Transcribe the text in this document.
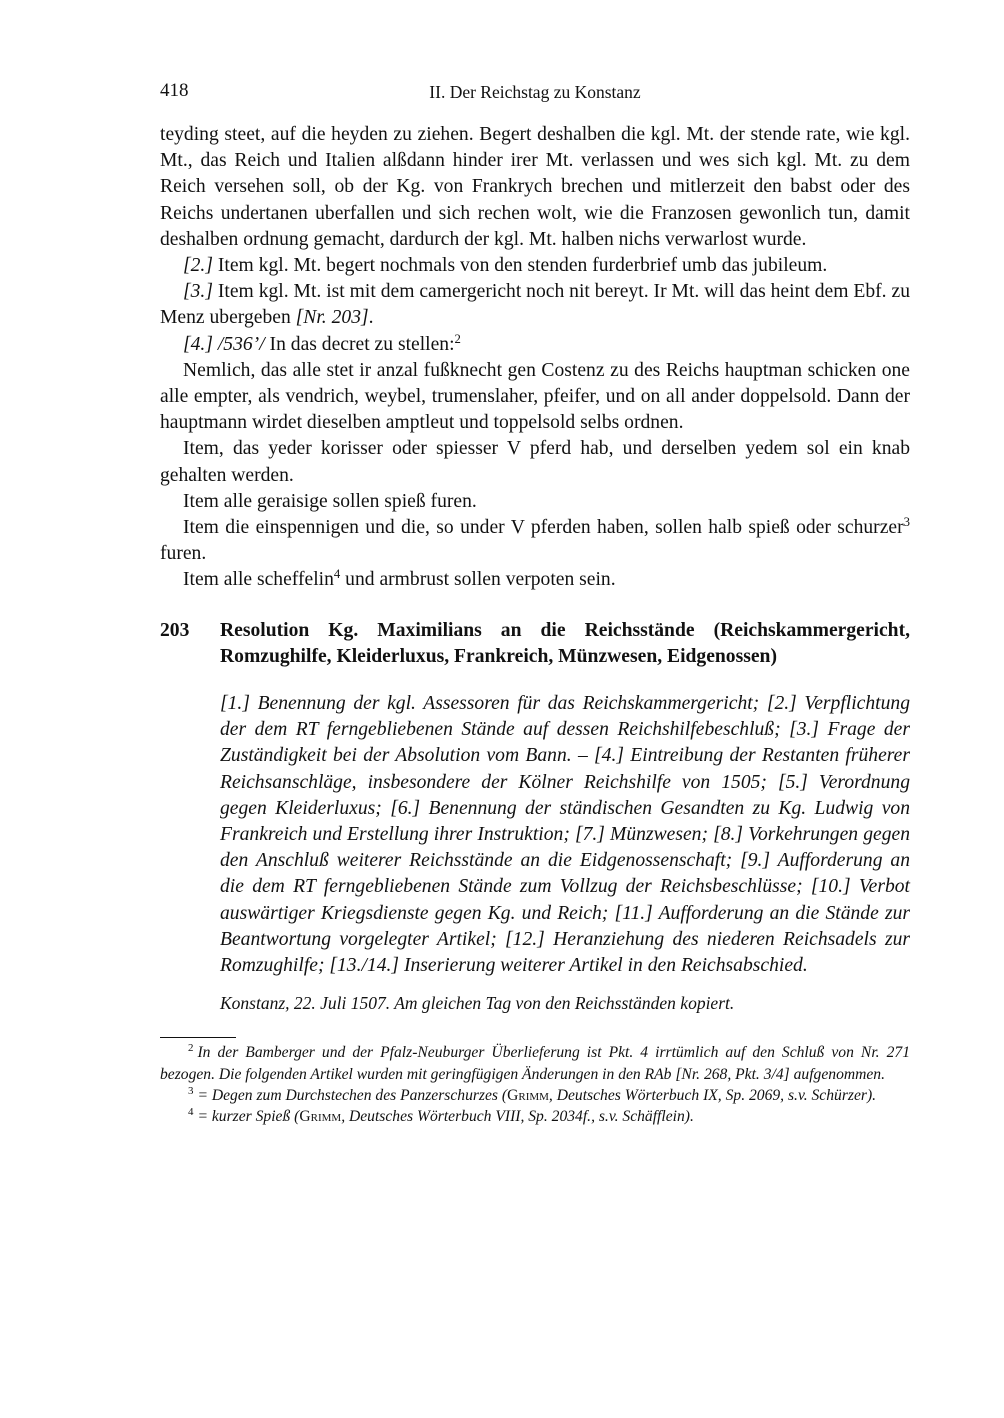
418	II. Der Reichstag zu Konstanz

teyding steet, auf die heyden zu ziehen. Begert deshalben die kgl. Mt. der stende rate, wie kgl. Mt., das Reich und Italien alßdann hinder irer Mt. verlassen und wes sich kgl. Mt. zu dem Reich versehen soll, ob der Kg. von Frankrych brechen und mitlerzeit den babst oder des Reichs undertanen uberfallen und sich rechen wolt, wie die Franzosen gewonlich tun, damit deshalben ordnung gemacht, dardurch der kgl. Mt. halben nichs verwarlost wurde.

[2.] Item kgl. Mt. begert nochmals von den stenden furderbrief umb das jubileum.

[3.] Item kgl. Mt. ist mit dem camergericht noch nit bereyt. Ir Mt. will das heint dem Ebf. zu Menz ubergeben [Nr. 203].

[4.] /536’/ In das decret zu stellen:$^2$

Nemlich, das alle stet ir anzal fußknecht gen Costenz zu des Reichs hauptman schicken one alle empter, als vendrich, weybel, trumenslaher, pfeifer, und on all ander doppelsold. Dann der hauptmann wirdet dieselben amptleut und toppelsold selbs ordnen.

Item, das yeder korisser oder spiesser V pferd hab, und derselben yedem sol ein knab gehalten werden.

Item alle geraisige sollen spieß furen.

Item die einspennigen und die, so under V pferden haben, sollen halb spieß oder schurzer$^3$ furen.

Item alle scheffelin$^4$ und armbrust sollen verpoten sein.

203	Resolution Kg. Maximilians an die Reichsstände (Reichskammergericht, Romzughilfe, Kleiderluxus, Frankreich, Münzwesen, Eidgenossen)
[1.] Benennung der kgl. Assessoren für das Reichskammergericht; [2.] Verpflichtung der dem RT ferngebliebenen Stände auf dessen Reichshilfebeschluß; [3.] Frage der Zuständigkeit bei der Absolution vom Bann. – [4.] Eintreibung der Restanten früherer Reichsanschläge, insbesondere der Kölner Reichshilfe von 1505; [5.] Verordnung gegen Kleiderluxus; [6.] Benennung der ständischen Gesandten zu Kg. Ludwig von Frankreich und Erstellung ihrer Instruktion; [7.] Münzwesen; [8.] Vorkehrungen gegen den Anschluß weiterer Reichsstände an die Eidgenossenschaft; [9.] Aufforderung an die dem RT ferngebliebenen Stände zum Vollzug der Reichsbeschlüsse; [10.] Verbot auswärtiger Kriegsdienste gegen Kg. und Reich; [11.] Aufforderung an die Stände zur Beantwortung vorgelegter Artikel; [12.] Heranziehung des niederen Reichsadels zur Romzughilfe; [13./14.] Inserierung weiterer Artikel in den Reichsabschied.
Konstanz, 22. Juli 1507. Am gleichen Tag von den Reichsständen kopiert.

$^2$ In der Bamberger und der Pfalz-Neuburger Überlieferung ist Pkt. 4 irrtümlich auf den Schluß von Nr. 271 bezogen. Die folgenden Artikel wurden mit geringfügigen Änderungen in den RAb [Nr. 268, Pkt. 3/4] aufgenommen.

$^3$ = Degen zum Durchstechen des Panzerschurzes (Grimm, Deutsches Wörterbuch IX, Sp. 2069, s.v. Schürzer).

$^4$ = kurzer Spieß (Grimm, Deutsches Wörterbuch VIII, Sp. 2034f., s.v. Schäfflein).
